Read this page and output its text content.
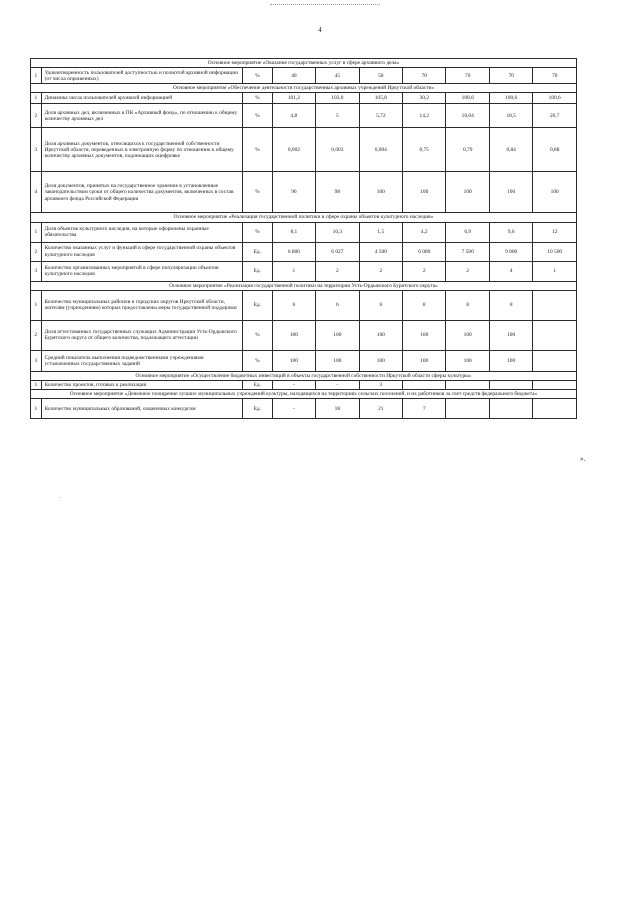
4
Основное мероприятие «Оказание государственных услуг в сфере архивного дела»									
1	Удовлетворенность пользователей доступностью и полнотой архивной информации (от числа опрошенных)	%	40	45	50	70	70	70	70
Основное мероприятие «Обеспечение деятельности государственных архивных учреждений Иркутской области»									
1	Динамика числа пользователей архивной информацией	%	101,2	103,0	105,8	30,2	100,6	100,6	100,6
2	Доля архивных дел, включенных в ПК «Архивный фонд», по отношению к общему количеству архивных дел	%	4,8	5	5,72	14,2	16,04	18,5	20,7
3	Доля архивных документов, относящихся к государственной собственности Иркутской области, переведенных в электронную форму по отношению к общему количеству архивных документов, подлежащих оцифровке	%	0,002	0,003	0,004	0,75	0,79	0,84	0,88
4	Доля документов, принятых на государственное хранение в установленные законодательством сроки от общего количества документов, включенных в состав архивного фонда Российской Федерации	%	96	98	100	100	100	100	100
Основное мероприятие «Реализация государственной политики в сфере охраны объектов культурного наследия»									
1	Доля объектов культурного наследия, на которые оформлены охранные обязательства	%	8,1	10,3	1,5	4,2	6,9	9,6	12
2	Количество оказанных услуг и функций в сфере государственной охраны объектов культурного наследия	Ед.	6 800	6 027	4 500	6 000	7 500	9 000	10 500
3	Количество организованных мероприятий в сфере популяризации объектов культурного наследия	Ед.	1	2	2	2	2	4	1
Основное мероприятие «Реализация государственной политики на территории Усть-Ордынского Бурятского округа»									
1	Количество муниципальных районов и городских округов Иркутской области, жителям (учреждениям) которых предоставлены меры государственной поддержки	Ед.	6	6	6	8	8	8	
2	Доля аттестованных государственных служащих Администрации Усть-Ордынского Бурятского округа от общего количества, подлежащего аттестации	%	100	100	100	100	100	100	
3	Средний показатель выполнения подведомственными учреждениями установленных государственных заданий	%	100	100	100	100	100	100	
Основное мероприятие «Осуществление бюджетных инвестиций в объекты государственной собственности Иркутской области сферы культуры»									
1	Количество проектов, готовых к реализации	Ед.	-	-	3				
Основное мероприятие «Денежное поощрение лучших муниципальных учреждений культуры, находящихся на территориях сельских поселений, и их работников за счет средств федерального бюджета»									
1	Количество муниципальных образований, охваченных конкурсом	Ед.	-	18	21	7			
».
